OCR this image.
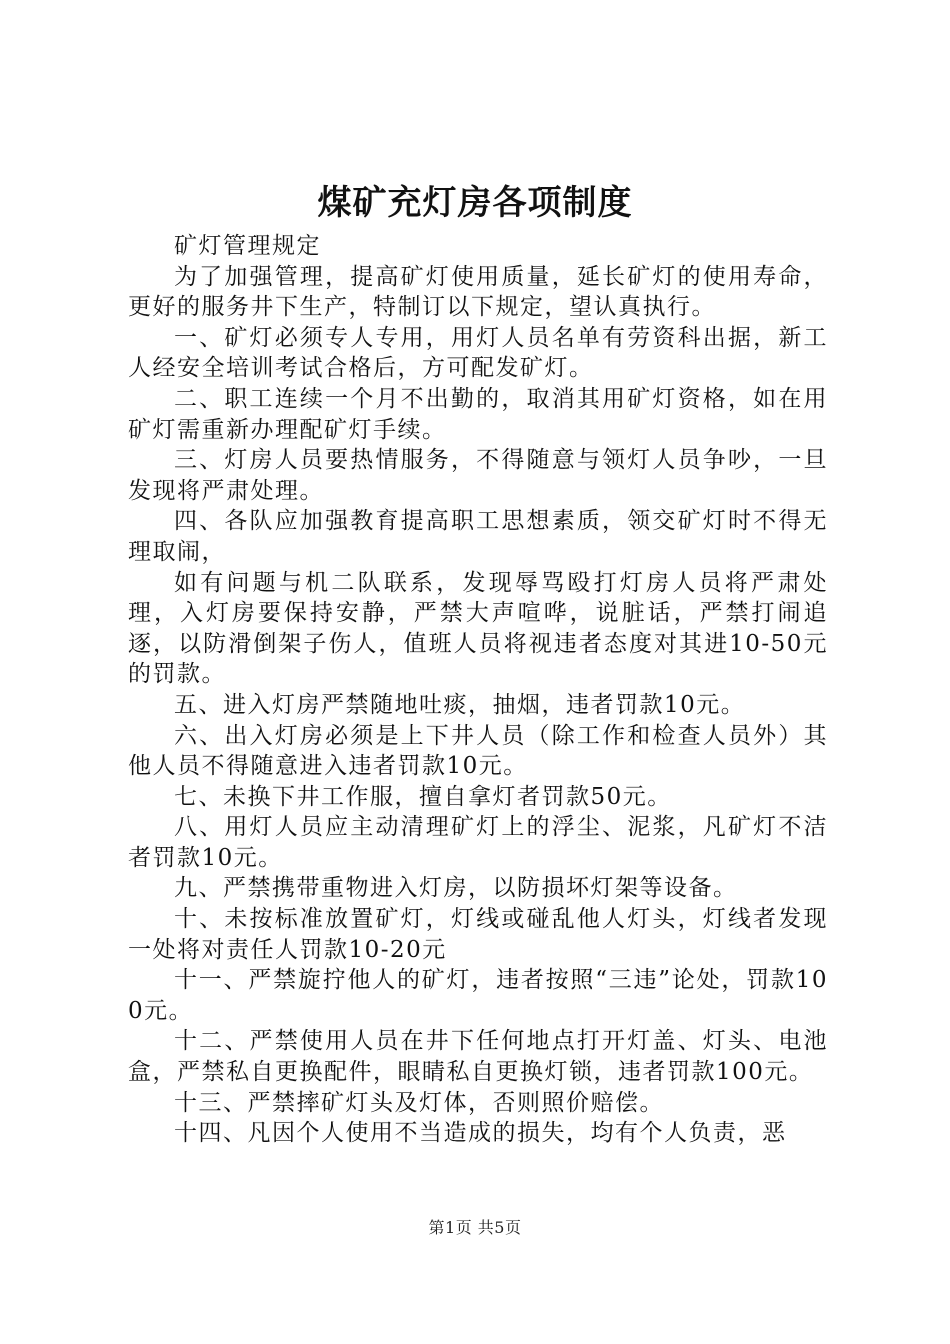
煤矿充灯房各项制度

矿灯管理规定

为了加强管理，提高矿灯使用质量，延长矿灯的使用寿命，更好的服务井下生产，特制订以下规定，望认真执行。

一、矿灯必须专人专用，用灯人员名单有劳资科出据，新工人经安全培训考试合格后，方可配发矿灯。

二、职工连续一个月不出勤的，取消其用矿灯资格，如在用矿灯需重新办理配矿灯手续。

三、灯房人员要热情服务，不得随意与领灯人员争吵，一旦发现将严肃处理。

四、各队应加强教育提高职工思想素质，领交矿灯时不得无理取闹，

如有问题与机二队联系，发现辱骂殴打灯房人员将严肃处理，入灯房要保持安静，严禁大声喧哗，说脏话，严禁打闹追逐，以防滑倒架子伤人，值班人员将视违者态度对其进10-50元的罚款。

五、进入灯房严禁随地吐痰，抽烟，违者罚款10元。

六、出入灯房必须是上下井人员（除工作和检查人员外）其他人员不得随意进入违者罚款10元。

七、未换下井工作服，擅自拿灯者罚款50元。

八、用灯人员应主动清理矿灯上的浮尘、泥浆，凡矿灯不洁者罚款10元。

九、严禁携带重物进入灯房，以防损坏灯架等设备。

十、未按标准放置矿灯，灯线或碰乱他人灯头，灯线者发现一处将对责任人罚款10-20元

十一、严禁旋拧他人的矿灯，违者按照“三违”论处，罚款100元。

十二、严禁使用人员在井下任何地点打开灯盖、灯头、电池盒，严禁私自更换配件，眼睛私自更换灯锁，违者罚款100元。

十三、严禁摔矿灯头及灯体，否则照价赔偿。

十四、凡因个人使用不当造成的损失，均有个人负责，恶

第1页 共5页
